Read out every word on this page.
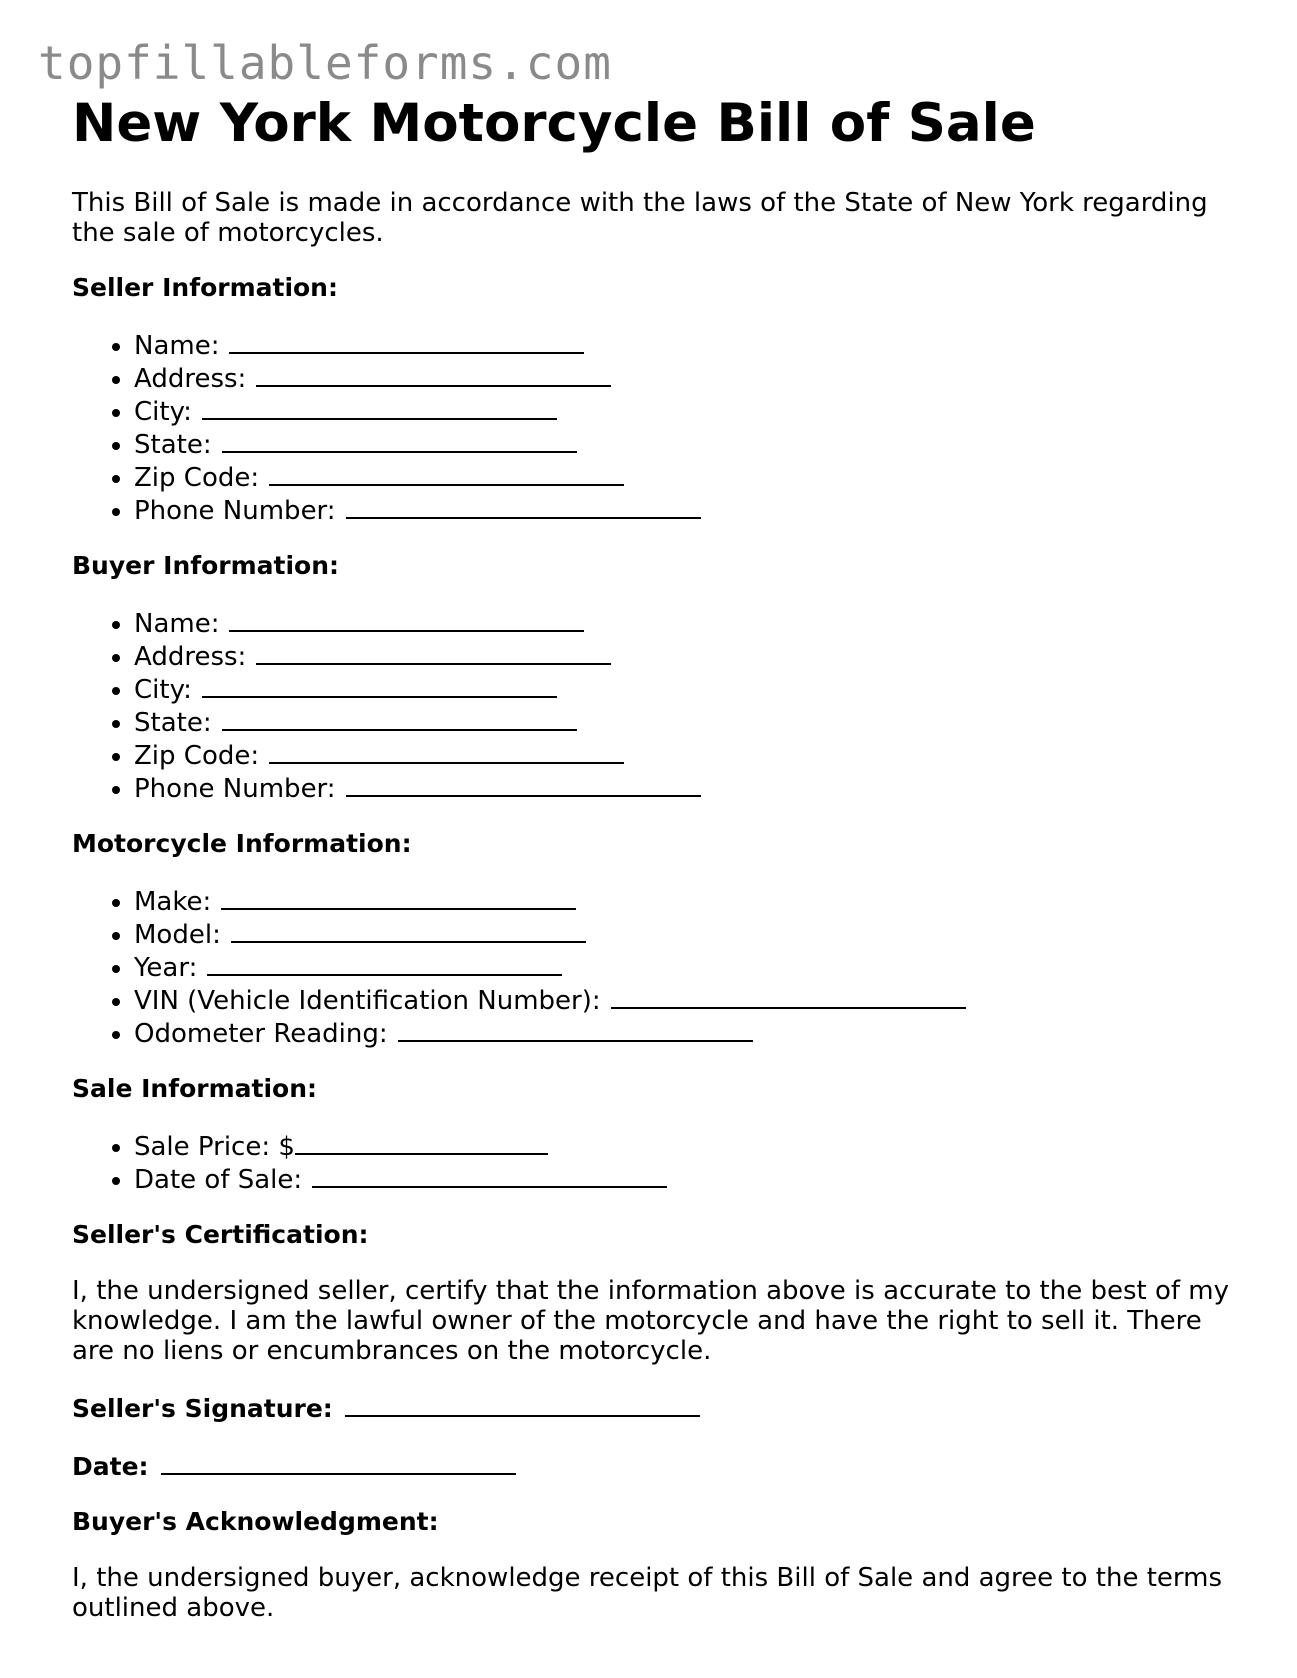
topfillableforms.com
New York Motorcycle Bill of Sale

This Bill of Sale is made in accordance with the laws of the State of New York regarding the sale of motorcycles.

Seller Information:
• Name:
• Address:
• City:
• State:
• Zip Code:
• Phone Number:
Buyer Information:
• Name:
• Address:
• City:
• State:
• Zip Code:
• Phone Number:
Motorcycle Information:
• Make:
• Model:
• Year:
• VIN (Vehicle Identification Number):
• Odometer Reading:
Sale Information:
• Sale Price: $
• Date of Sale:
Seller's Certification:

I, the undersigned seller, certify that the information above is accurate to the best of my knowledge. I am the lawful owner of the motorcycle and have the right to sell it. There are no liens or encumbrances on the motorcycle.

Seller's Signature:
Date:
Buyer's Acknowledgment:

I, the undersigned buyer, acknowledge receipt of this Bill of Sale and agree to the terms outlined above.
